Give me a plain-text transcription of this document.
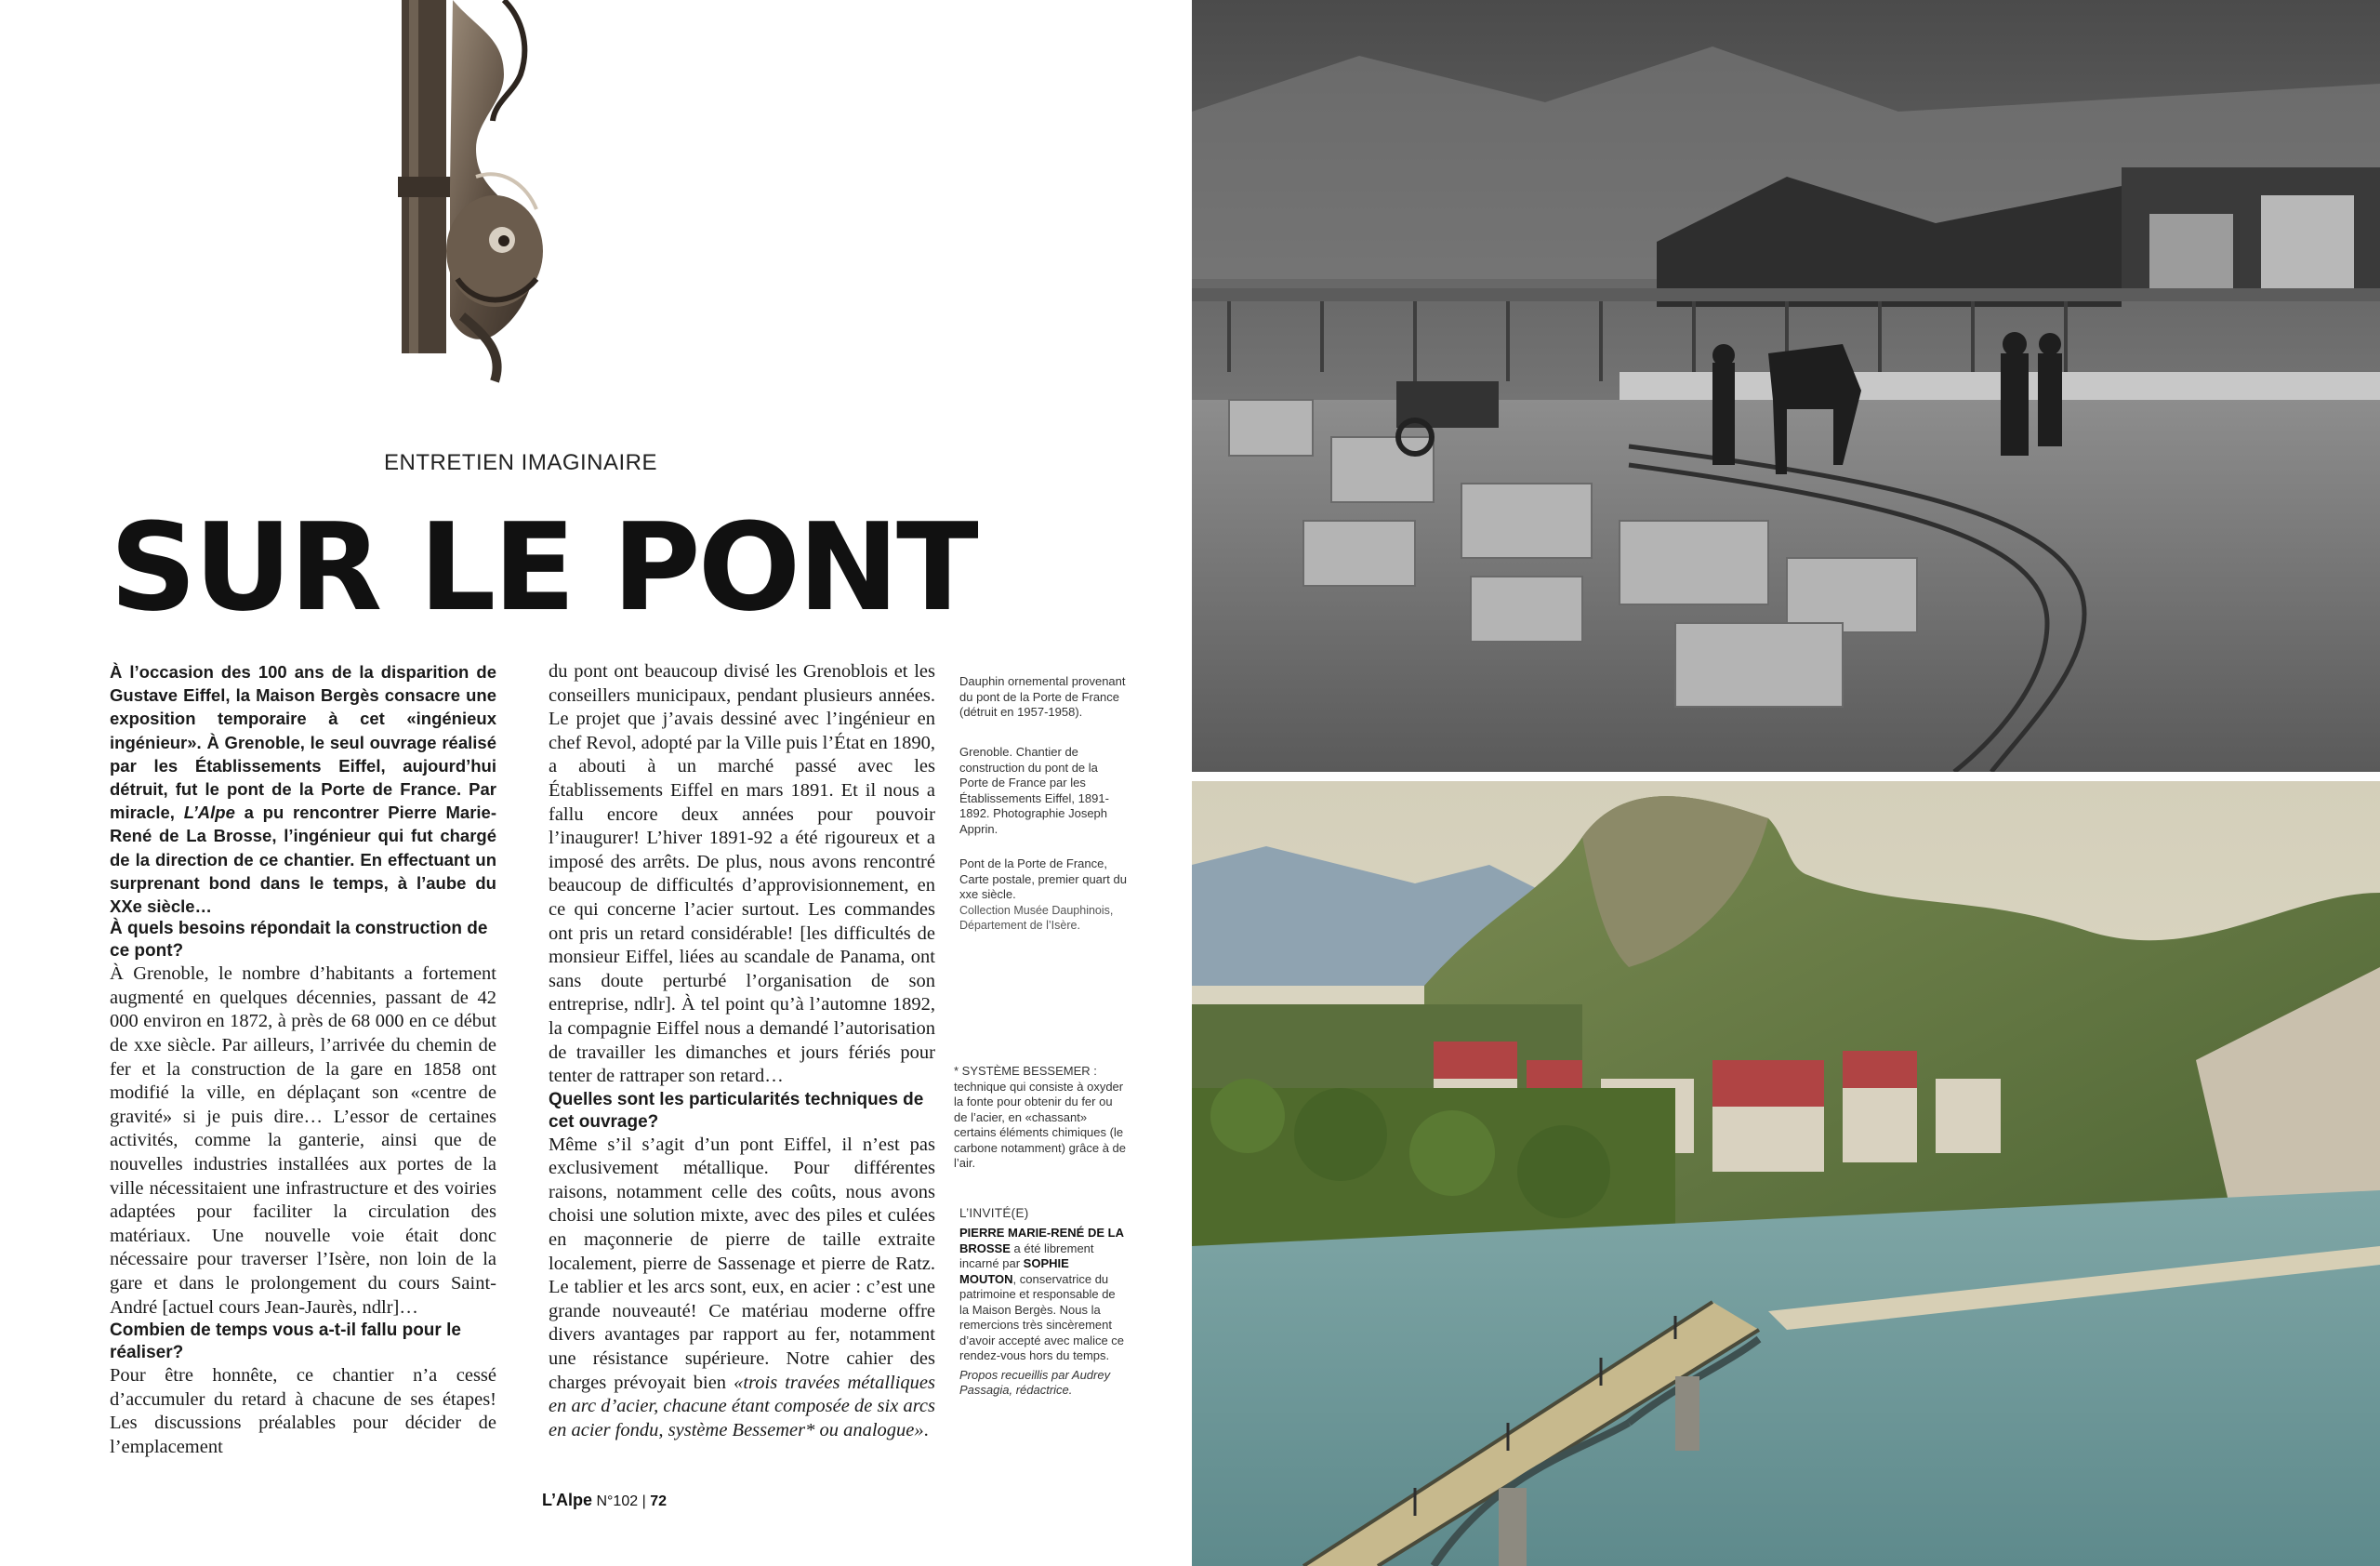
ENTRETIEN IMAGINAIRE
SUR LE PONT

À l’occasion des 100 ans de la disparition de Gustave Eiffel, la Maison Bergès consacre une exposition temporaire à cet «ingénieux ingénieur». À Grenoble, le seul ouvrage réalisé par les Établissements Eiffel, aujourd’hui détruit, fut le pont de la Porte de France. Par miracle, L’Alpe a pu rencontrer Pierre Marie-René de La Brosse, l’ingénieur qui fut chargé de la direction de ce chantier. En effectuant un surprenant bond dans le temps, à l’aube du XXe siècle…

À quels besoins répondait la construction de ce pont?

À Grenoble, le nombre d’habitants a fortement augmenté en quelques décennies, passant de 42 000 environ en 1872, à près de 68 000 en ce début de xxe siècle. Par ailleurs, l’arrivée du chemin de fer et la construction de la gare en 1858 ont modifié la ville, en déplaçant son «centre de gravité» si je puis dire… L’essor de certaines activités, comme la ganterie, ainsi que de nouvelles industries installées aux portes de la ville nécessitaient une infrastructure et des voiries adaptées pour faciliter la circulation des matériaux. Une nouvelle voie était donc nécessaire pour traverser l’Isère, non loin de la gare et dans le prolongement du cours Saint-André [actuel cours Jean-Jaurès, ndlr]…

Combien de temps vous a-t-il fallu pour le réaliser?

Pour être honnête, ce chantier n’a cessé d’accumuler du retard à chacune de ses étapes! Les discussions préalables pour décider de l’emplacement

du pont ont beaucoup divisé les Grenoblois et les conseillers municipaux, pendant plusieurs années. Le projet que j’avais dessiné avec l’ingénieur en chef Revol, adopté par la Ville puis l’État en 1890, a abouti à un marché passé avec les Établissements Eiffel en mars 1891. Et il nous a fallu encore deux années pour pouvoir l’inaugurer! L’hiver 1891-92 a été rigoureux et a imposé des arrêts. De plus, nous avons rencontré beaucoup de difficultés d’approvisionnement, en ce qui concerne l’acier surtout. Les commandes ont pris un retard considérable! [les difficultés de monsieur Eiffel, liées au scandale de Panama, ont sans doute perturbé l’organisation de son entreprise, ndlr]. À tel point qu’à l’automne 1892, la compagnie Eiffel nous a demandé l’autorisation de travailler les dimanches et jours fériés pour tenter de rattraper son retard…

Quelles sont les particularités techniques de cet ouvrage?

Même s’il s’agit d’un pont Eiffel, il n’est pas exclusivement métallique. Pour différentes raisons, notamment celle des coûts, nous avons choisi une solution mixte, avec des piles et culées en maçonnerie de pierre de taille extraite localement, pierre de Sassenage et pierre de Ratz. Le tablier et les arcs sont, eux, en acier : c’est une grande nouveauté! Ce matériau moderne offre divers avantages par rapport au fer, notamment une résistance supérieure. Notre cahier des charges prévoyait bien «trois travées métalliques en arc d’acier, chacune étant composée de six arcs en acier fondu, système Bessemer* ou analogue».

Dauphin ornemental provenant du pont de la Porte de France (détruit en 1957-1958).
Grenoble. Chantier de construction du pont de la Porte de France par les Établissements Eiffel, 1891-1892. Photographie Joseph Apprin.
Pont de la Porte de France, Carte postale, premier quart du xxe siècle.
Collection Musée Dauphinois, Département de l’Isère.
* SYSTÈME BESSEMER : technique qui consiste à oxyder la fonte pour obtenir du fer ou de l’acier, en «chassant» certains éléments chimiques (le carbone notamment) grâce à de l’air.
L’INVITÉ(E)
PIERRE MARIE-RENÉ DE LA BROSSE a été librement incarné par SOPHIE MOUTON, conservatrice du patrimoine et responsable de la Maison Bergès. Nous la remercions très sincèrement d’avoir accepté avec malice ce rendez-vous hors du temps.
Propos recueillis par Audrey Passagia, rédactrice.
L’Alpe N°102 | 72
